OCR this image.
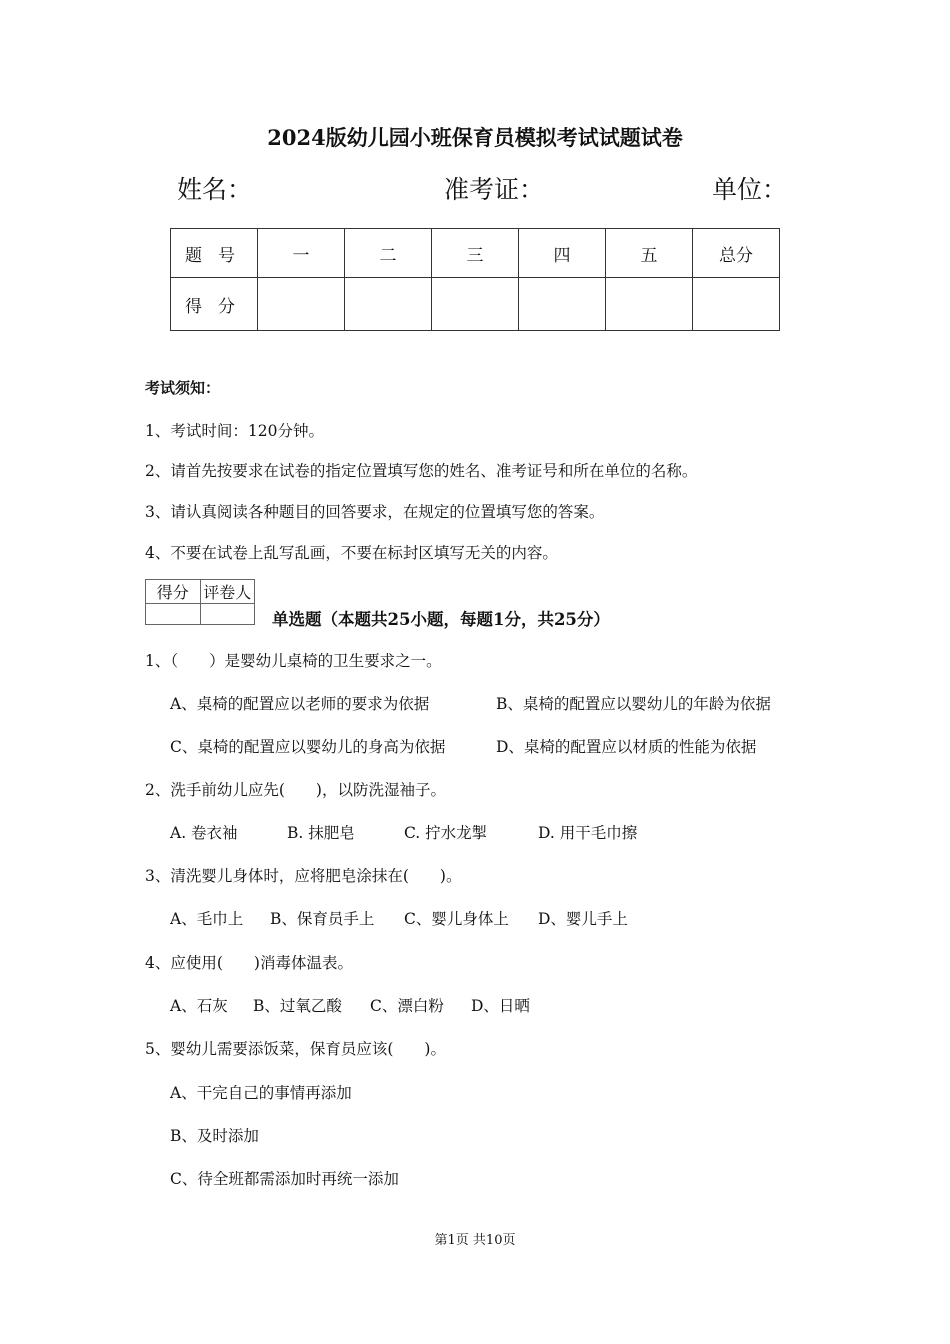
2024版幼儿园小班保育员模拟考试试题试卷
姓名：	准考证：	单位：
题号	一	二	三	四	五	总分
得分						
考试须知：
1、考试时间：120分钟。
2、请首先按要求在试卷的指定位置填写您的姓名、准考证号和所在单位的名称。
3、请认真阅读各种题目的回答要求，在规定的位置填写您的答案。
4、不要在试卷上乱写乱画，不要在标封区填写无关的内容。
得分	评卷人

单选题（本题共25小题，每题1分，共25分）
1、（　　）是婴幼儿桌椅的卫生要求之一。
A、桌椅的配置应以老师的要求为依据	B、桌椅的配置应以婴幼儿的年龄为依据
C、桌椅的配置应以婴幼儿的身高为依据	D、桌椅的配置应以材质的性能为依据
2、洗手前幼儿应先(　　)，以防洗湿袖子。
A. 卷衣袖	B. 抹肥皂	C. 拧水龙掣	D. 用干毛巾擦
3、清洗婴儿身体时，应将肥皂涂抹在(　　)。
A、毛巾上 B、保育员手上 C、婴儿身体上 D、婴儿手上
4、应使用(　　)消毒体温表。
A、石灰 B、过氧乙酸 C、漂白粉 D、日晒
5、婴幼儿需要添饭菜，保育员应该(　　)。
A、干完自己的事情再添加
B、及时添加
C、待全班都需添加时再统一添加
第1页 共10页
